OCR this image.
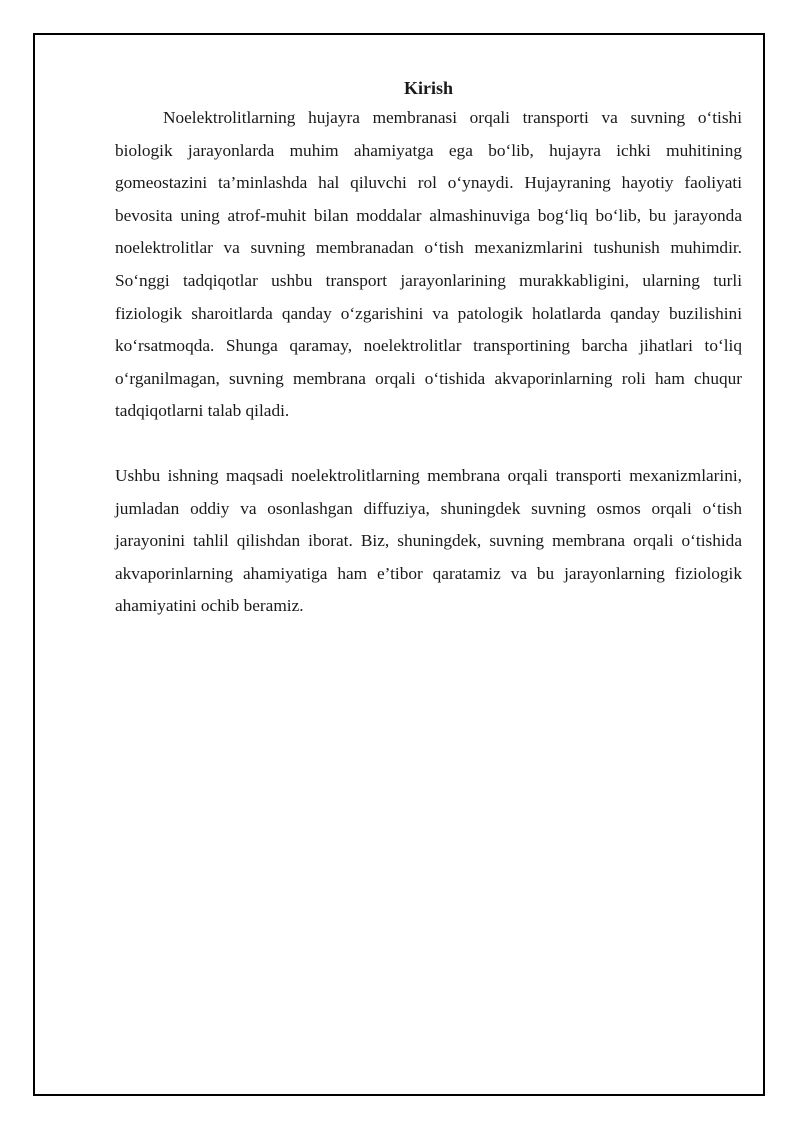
Kirish

Noelektrolitlarning hujayra membranasi orqali transporti va suvning o‘tishi biologik jarayonlarda muhim ahamiyatga ega bo‘lib, hujayra ichki muhitining gomeostazini ta’minlashda hal qiluvchi rol o‘ynaydi. Hujayraning hayotiy faoliyati bevosita uning atrof-muhit bilan moddalar almashinuviga bog‘liq bo‘lib, bu jarayonda noelektrolitlar va suvning membranadan o‘tish mexanizmlarini tushunish muhimdir. So‘nggi tadqiqotlar ushbu transport jarayonlarining murakkabligini, ularning turli fiziologik sharoitlarda qanday o‘zgarishini va patologik holatlarda qanday buzilishini ko‘rsatmoqda. Shunga qaramay, noelektrolitlar transportining barcha jihatlari to‘liq o‘rganilmagan, suvning membrana orqali o‘tishida akvaporinlarning roli ham chuqur tadqiqotlarni talab qiladi.

Ushbu ishning maqsadi noelektrolitlarning membrana orqali transporti mexanizmlarini, jumladan oddiy va osonlashgan diffuziya, shuningdek suvning osmos orqali o‘tish jarayonini tahlil qilishdan iborat. Biz, shuningdek, suvning membrana orqali o‘tishida akvaporinlarning ahamiyatiga ham e’tibor qaratamiz va bu jarayonlarning fiziologik ahamiyatini ochib beramiz.
